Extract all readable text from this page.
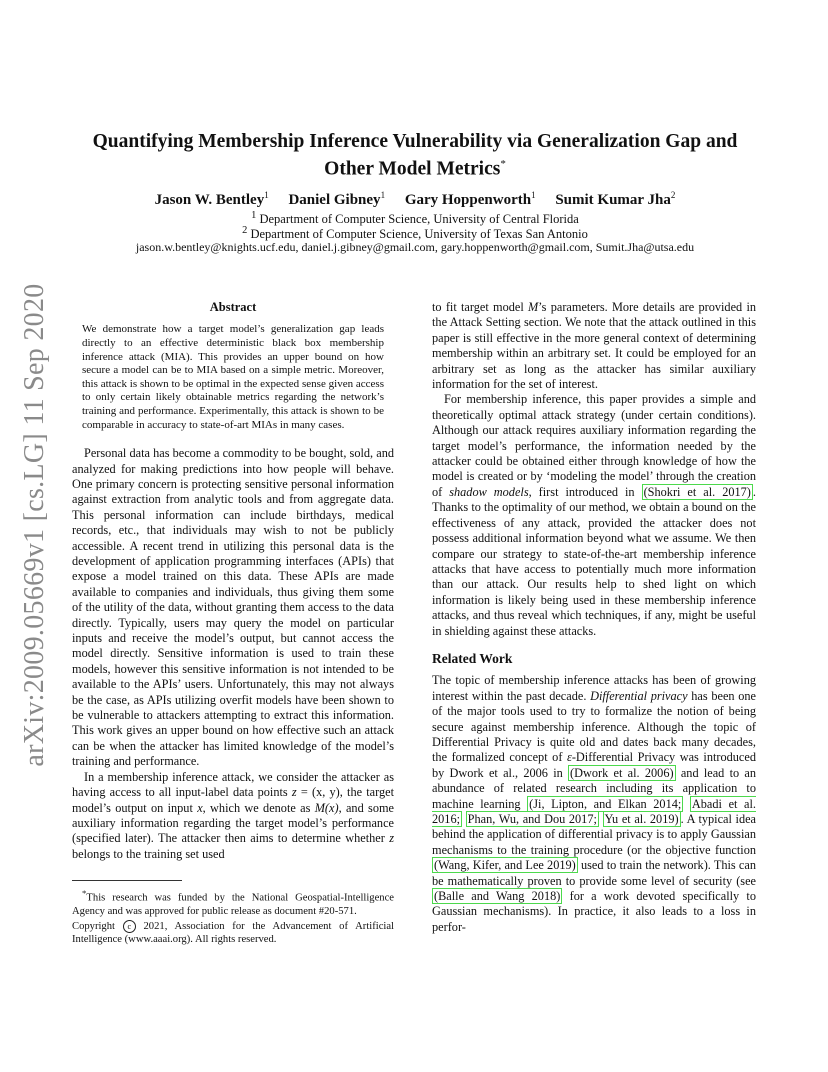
arXiv:2009.05669v1 [cs.LG] 11 Sep 2020
Quantifying Membership Inference Vulnerability via Generalization Gap and
Other Model Metrics*
Jason W. Bentley$^1$ Daniel Gibney$^1$ Gary Hoppenworth$^1$ Sumit Kumar Jha$^2$
$^1$ Department of Computer Science, University of Central Florida
$^2$ Department of Computer Science, University of Texas San Antonio
jason.w.bentley@knights.ucf.edu, daniel.j.gibney@gmail.com, gary.hoppenworth@gmail.com, Sumit.Jha@utsa.edu
Abstract

We demonstrate how a target model’s generalization gap leads directly to an effective deterministic black box membership inference attack (MIA). This provides an upper bound on how secure a model can be to MIA based on a simple metric. Moreover, this attack is shown to be optimal in the expected sense given access to only certain likely obtainable metrics regarding the network’s training and performance. Experimentally, this attack is shown to be comparable in accuracy to state-of-art MIAs in many cases.

Personal data has become a commodity to be bought, sold, and analyzed for making predictions into how people will behave. One primary concern is protecting sensitive personal information against extraction from analytic tools and from aggregate data. This personal information can include birthdays, medical records, etc., that individuals may wish to not be publicly accessible. A recent trend in utilizing this personal data is the development of application programming interfaces (APIs) that expose a model trained on this data. These APIs are made available to companies and individuals, thus giving them some of the utility of the data, without granting them access to the data directly. Typically, users may query the model on particular inputs and receive the model’s output, but cannot access the model directly. Sensitive information is used to train these models, however this sensitive information is not intended to be available to the APIs’ users. Unfortunately, this may not always be the case, as APIs utilizing overfit models have been shown to be vulnerable to attackers attempting to extract this information. This work gives an upper bound on how effective such an attack can be when the attacker has limited knowledge of the model’s training and performance.

In a membership inference attack, we consider the attacker as having access to all input-label data points z = (x, y), the target model’s output on input x, which we denote as M(x), and some auxiliary information regarding the target model’s performance (specified later). The attacker then aims to determine whether z belongs to the training set used

*This research was funded by the National Geospatial-Intelligence Agency and was approved for public release as document #20-571.

Copyright c 2021, Association for the Advancement of Artificial Intelligence (www.aaai.org). All rights reserved.

to fit target model M’s parameters. More details are provided in the Attack Setting section. We note that the attack outlined in this paper is still effective in the more general context of determining membership within an arbitrary set. It could be employed for an arbitrary set as long as the attacker has similar auxiliary information for the set of interest.

For membership inference, this paper provides a simple and theoretically optimal attack strategy (under certain conditions). Although our attack requires auxiliary information regarding the target model’s performance, the information needed by the attacker could be obtained either through knowledge of how the model is created or by ‘modeling the model’ through the creation of shadow models, first introduced in (Shokri et al. 2017) . Thanks to the optimality of our method, we obtain a bound on the effectiveness of any attack, provided the attacker does not possess additional information beyond what we assume. We then compare our strategy to state-of-the-art membership inference attacks that have access to potentially much more information than our attack. Our results help to shed light on which information is likely being used in these membership inference attacks, and thus reveal which techniques, if any, might be useful in shielding against these attacks.

Related Work

The topic of membership inference attacks has been of growing interest within the past decade. Differential privacy has been one of the major tools used to try to formalize the notion of being secure against membership inference. Although the topic of Differential Privacy is quite old and dates back many decades, the formalized concept of ε-Differential Privacy was introduced by Dwork et al., 2006 in (Dwork et al. 2006) and lead to an abundance of related research including its application to machine learning (Ji, Lipton, and Elkan 2014; Abadi et al. 2016; Phan, Wu, and Dou 2017; Yu et al. 2019) . A typical idea behind the application of differential privacy is to apply Gaussian mechanisms to the training procedure (or the objective function (Wang, Kifer, and Lee 2019) used to train the network). This can be mathematically proven to provide some level of security (see (Balle and Wang 2018) for a work devoted specifically to Gaussian mechanisms). In practice, it also leads to a loss in perfor-
